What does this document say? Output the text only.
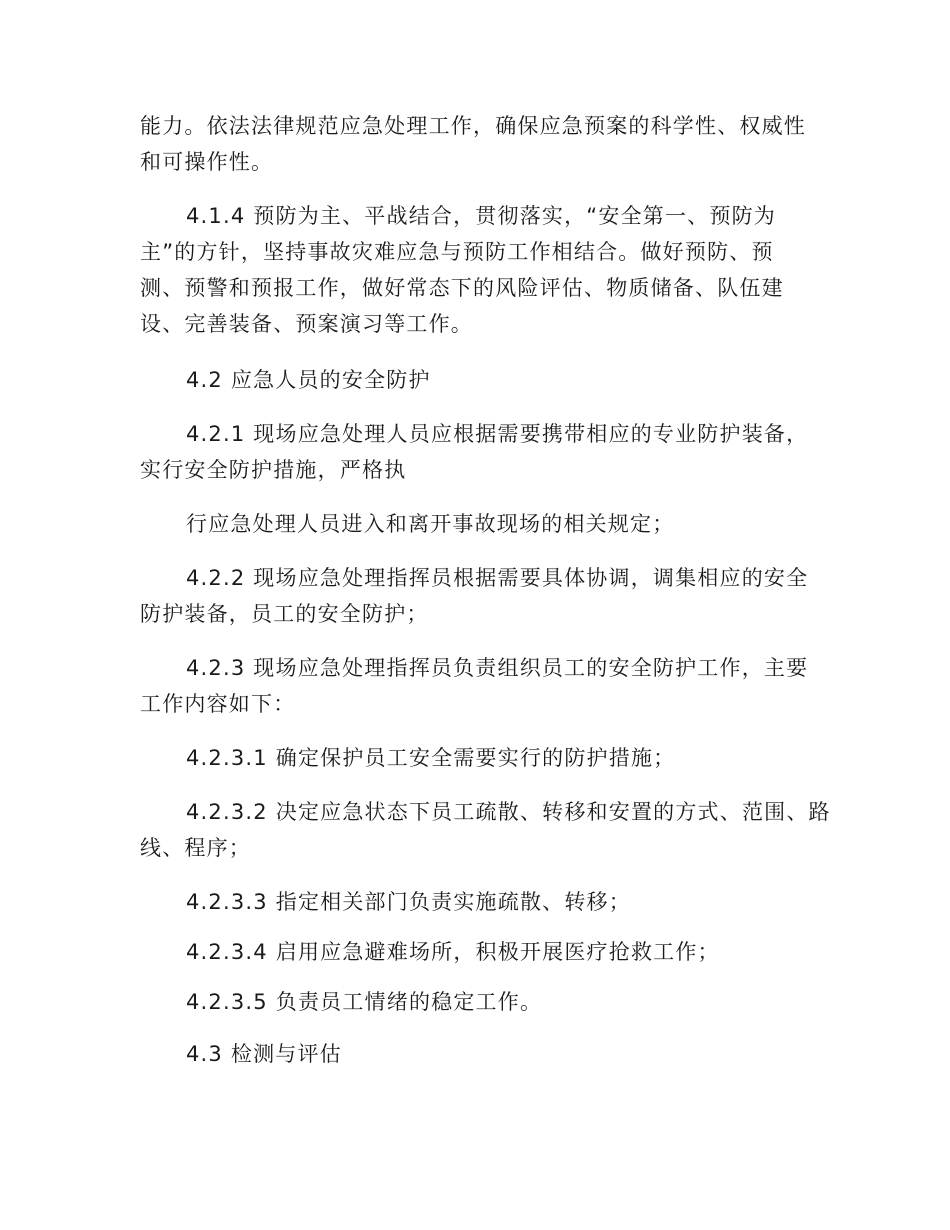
能力。依法法律规范应急处理工作，确保应急预案的科学性、权威性
和可操作性。

4.1.4 预防为主、平战结合，贯彻落实，“安全第一、预防为
主”的方针，坚持事故灾难应急与预防工作相结合。做好预防、预
测、预警和预报工作，做好常态下的风险评估、物质储备、队伍建
设、完善装备、预案演习等工作。

4.2 应急人员的安全防护

4.2.1 现场应急处理人员应根据需要携带相应的专业防护装备，
实行安全防护措施，严格执

行应急处理人员进入和离开事故现场的相关规定；

4.2.2 现场应急处理指挥员根据需要具体协调，调集相应的安全
防护装备，员工的安全防护；

4.2.3 现场应急处理指挥员负责组织员工的安全防护工作，主要
工作内容如下：

4.2.3.1 确定保护员工安全需要实行的防护措施；

4.2.3.2 决定应急状态下员工疏散、转移和安置的方式、范围、路
线、程序；

4.2.3.3 指定相关部门负责实施疏散、转移；

4.2.3.4 启用应急避难场所，积极开展医疗抢救工作；

4.2.3.5 负责员工情绪的稳定工作。

4.3 检测与评估
